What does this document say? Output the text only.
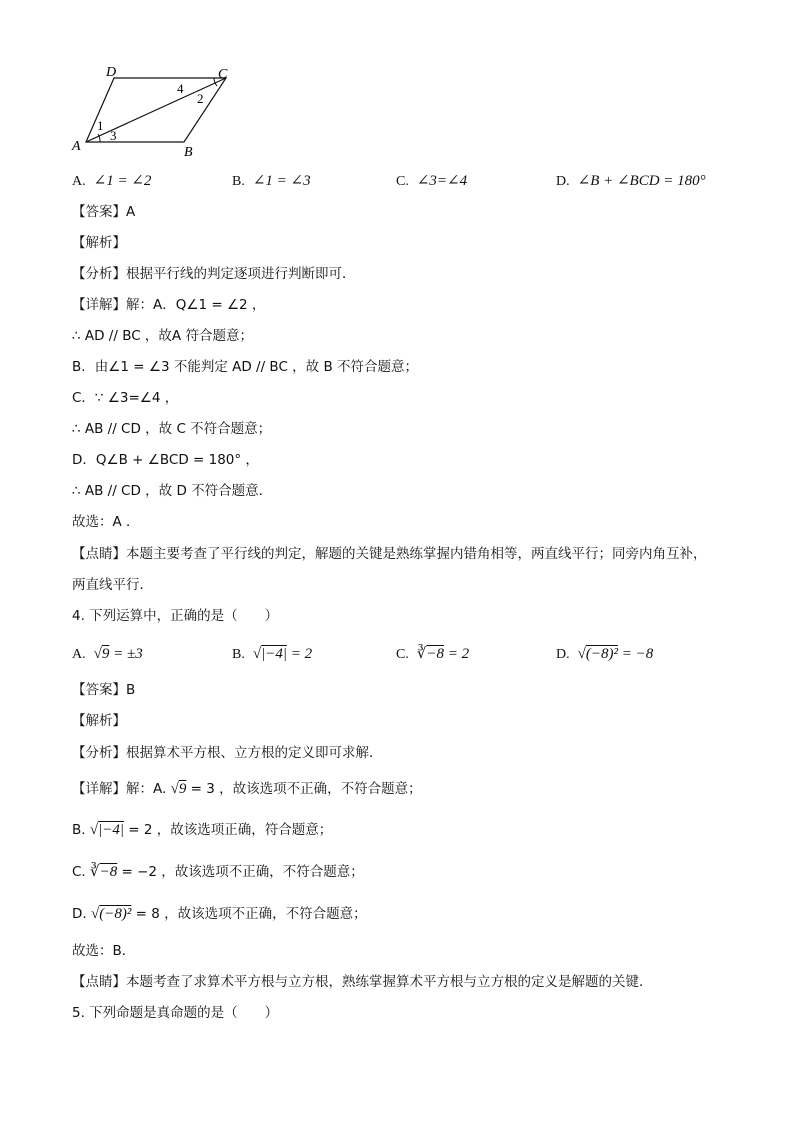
A	B
C
D
1
3
4
2
A. ∠1 = ∠2	B. ∠1 = ∠3	C. ∠3=∠4	D. ∠B + ∠BCD = 180°
【答案】A
【解析】
【分析】根据平行线的判定逐项进行判断即可．
【详解】解：A．Q∠1 = ∠2 ，
∴ AD // BC ，故A 符合题意；
B．由∠1 = ∠3 不能判定 AD // BC ，故 B 不符合题意；
C．∵ ∠3=∠4 ，
∴ AB // CD ，故 C 不符合题意；
D．Q∠B + ∠BCD = 180° ，
∴ AB // CD ，故 D 不符合题意．
故选：A ．
【点睛】本题主要考查了平行线的判定，解题的关键是熟练掌握内错角相等，两直线平行；同旁内角互补，
两直线平行．
4. 下列运算中，正确的是（　　）
A. √9 = ±3	B. √|−4| = 2	C. ∛−8 = 2	D. √(−8)² = −8
【答案】B
【解析】
【分析】根据算术平方根、立方根的定义即可求解．
【详解】解：A. √9 = 3 ，故该选项不正确，不符合题意；
B. √|−4| = 2 ，故该选项正确，符合题意；
C. ∛−8 = −2 ，故该选项不正确，不符合题意；
D. √(−8)² = 8 ，故该选项不正确，不符合题意；
故选：B．
【点睛】本题考查了求算术平方根与立方根，熟练掌握算术平方根与立方根的定义是解题的关键．
5. 下列命题是真命题的是（　　）
